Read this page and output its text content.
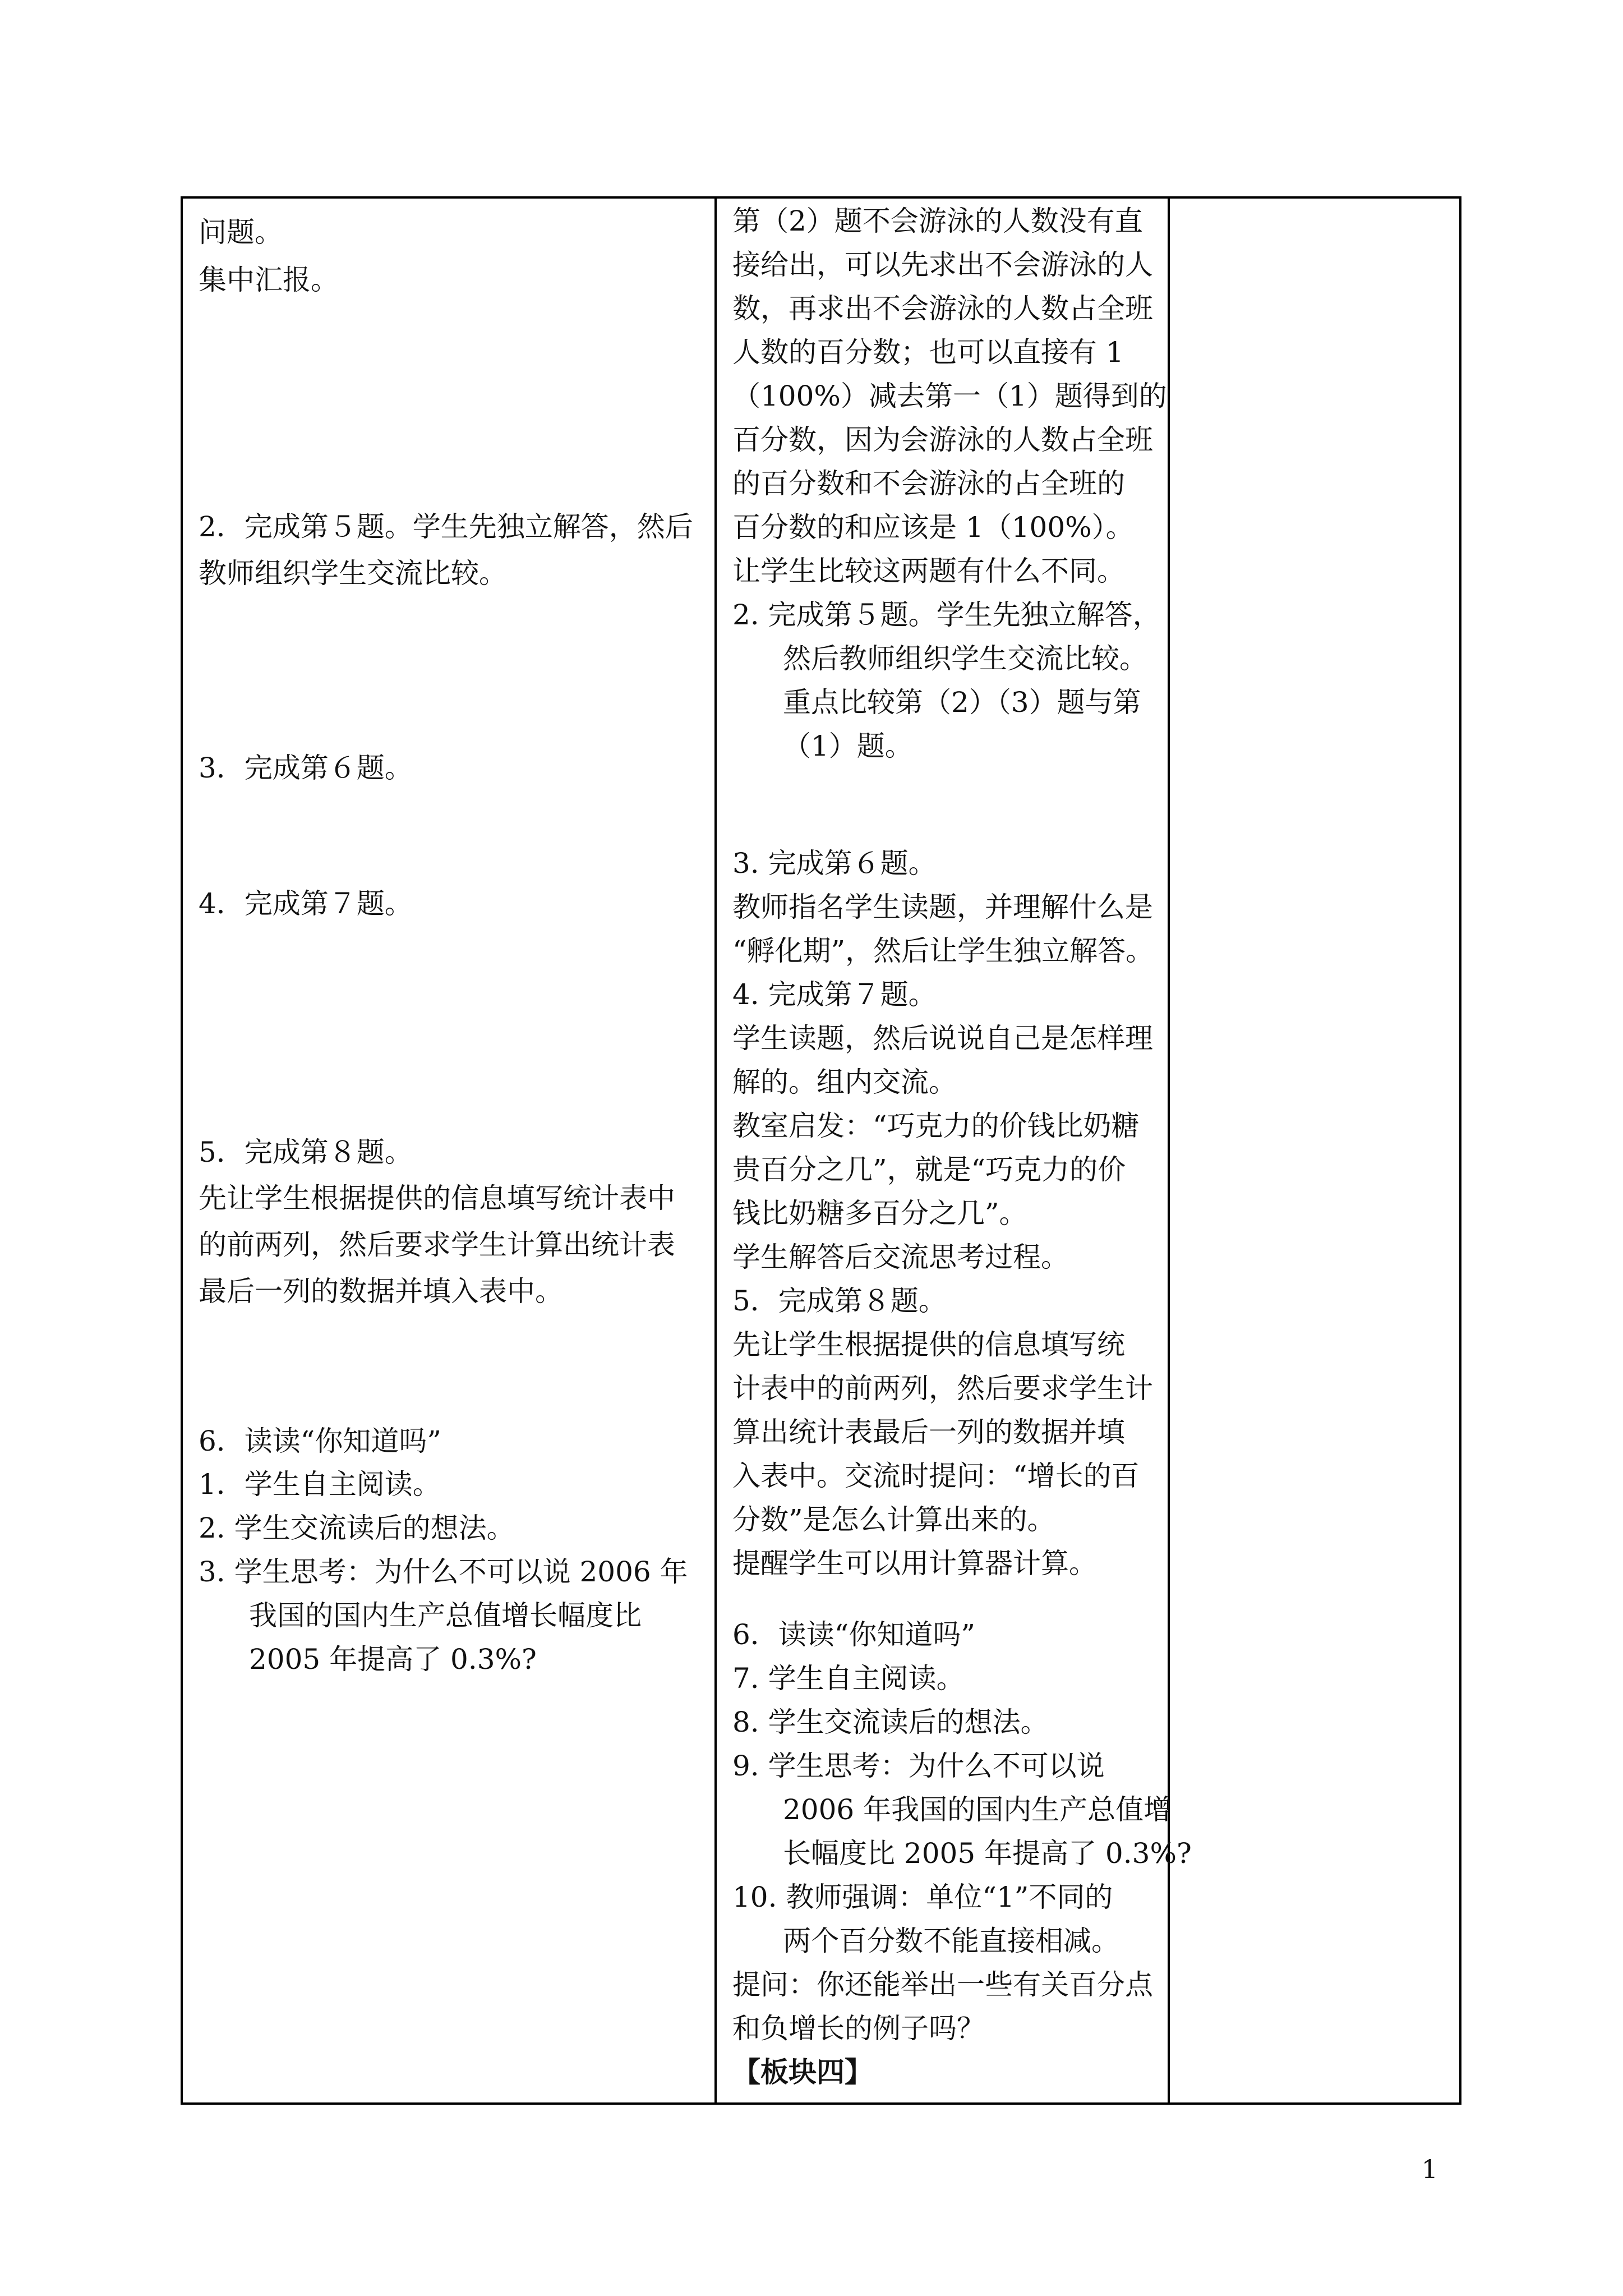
问题。
集中汇报。
2．完成第５题。学生先独立解答，然后
教师组织学生交流比较。
3．完成第６题。
4．完成第７题。
5．完成第８题。
先让学生根据提供的信息填写统计表中
的前两列，然后要求学生计算出统计表
最后一列的数据并填入表中。
6．读读“你知道吗”
1．学生自主阅读。
2. 学生交流读后的想法。
3. 学生思考：为什么不可以说 2006 年
我国的国内生产总值增长幅度比
2005 年提高了 0.3%?
第（2）题不会游泳的人数没有直
接给出，可以先求出不会游泳的人
数，再求出不会游泳的人数占全班
人数的百分数；也可以直接有 1
（100%）减去第一（1）题得到的
百分数，因为会游泳的人数占全班
的百分数和不会游泳的占全班的
百分数的和应该是 1（100%）。
让学生比较这两题有什么不同。
2. 完成第５题。学生先独立解答，
然后教师组织学生交流比较。
重点比较第（2）（3）题与第
（1）题。
3. 完成第６题。
教师指名学生读题，并理解什么是
“孵化期”，然后让学生独立解答。
4. 完成第７题。
学生读题，然后说说自己是怎样理
解的。组内交流。
教室启发：“巧克力的价钱比奶糖
贵百分之几”，就是“巧克力的价
钱比奶糖多百分之几”。
学生解答后交流思考过程。
5．完成第８题。
先让学生根据提供的信息填写统
计表中的前两列，然后要求学生计
算出统计表最后一列的数据并填
入表中。交流时提问：“增长的百
分数”是怎么计算出来的。
提醒学生可以用计算器计算。
6．读读“你知道吗”
7. 学生自主阅读。
8. 学生交流读后的想法。
9. 学生思考：为什么不可以说
2006 年我国的国内生产总值增
长幅度比 2005 年提高了 0.3%?
10. 教师强调：单位“1”不同的
两个百分数不能直接相减。
提问：你还能举出一些有关百分点
和负增长的例子吗？
【板块四】
1
